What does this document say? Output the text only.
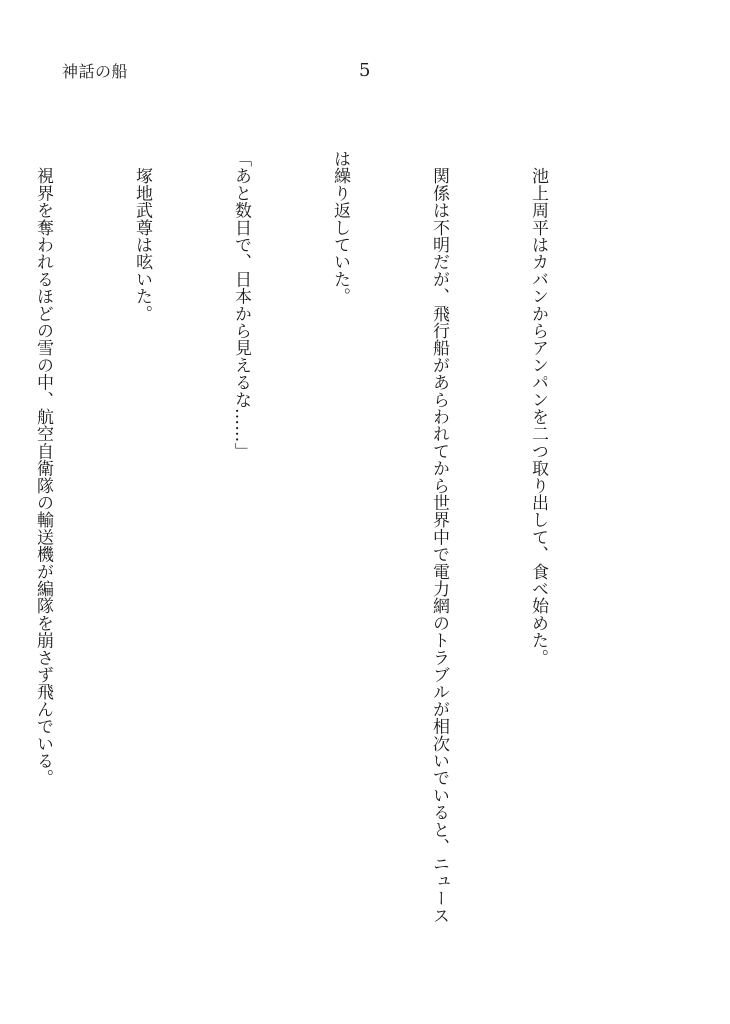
神話の船	5

　池上周平はカバンからアンパンを二つ取り出して、食べ始めた。

　関係は不明だが、飛行船があらわれてから世界中で電力網のトラブルが相次いでいると、ニュース

は繰り返していた。

「あと数日で、日本から見えるな……」

　塚地武尊は呟いた。

　視界を奪われるほどの雪の中、航空自衛隊の輸送機が編隊を崩さず飛んでいる。
